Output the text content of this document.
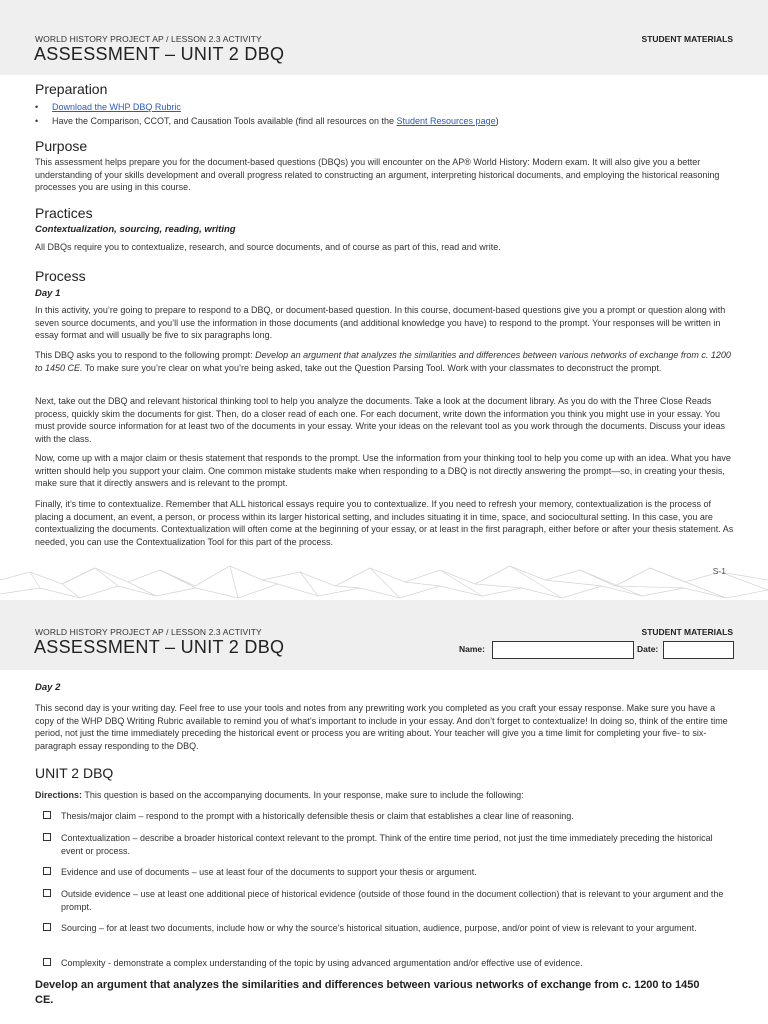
WORLD HISTORY PROJECT AP / LESSON 2.3 ACTIVITY	STUDENT MATERIALS
ASSESSMENT – UNIT 2 DBQ
Preparation
• Download the WHP DBQ Rubric
• Have the Comparison, CCOT, and Causation Tools available (find all resources on the Student Resources page)
Purpose

This assessment helps prepare you for the document-based questions (DBQs) you will encounter on the AP® World History: Modern exam. It will also give you a better understanding of your skills development and overall progress related to constructing an argument, interpreting historical documents, and employing the historical reasoning processes you are using in this course.

Practices
Contextualization, sourcing, reading, writing

All DBQs require you to contextualize, research, and source documents, and of course as part of this, read and write.

Process
Day 1

In this activity, you’re going to prepare to respond to a DBQ, or document-based question. In this course, document-based questions give you a prompt or question along with seven source documents, and you’ll use the information in those documents (and additional knowledge you have) to respond to the prompt. Your responses will be written in essay format and will usually be five to six paragraphs long.

This DBQ asks you to respond to the following prompt: Develop an argument that analyzes the similarities and differences between various networks of exchange from c. 1200 to 1450 CE. To make sure you’re clear on what you’re being asked, take out the Question Parsing Tool. Work with your classmates to deconstruct the prompt.

Next, take out the DBQ and relevant historical thinking tool to help you analyze the documents. Take a look at the document library. As you do with the Three Close Reads process, quickly skim the documents for gist. Then, do a closer read of each one. For each document, write down the information you think you might use in your essay. You must provide source information for at least two of the documents in your essay. Write your ideas on the relevant tool as you work through the documents. Discuss your ideas with the class.

Now, come up with a major claim or thesis statement that responds to the prompt. Use the information from your thinking tool to help you come up with an idea. What you have written should help you support your claim. One common mistake students make when responding to a DBQ is not directly answering the prompt—so, in creating your thesis, make sure that it directly answers and is relevant to the prompt.

Finally, it’s time to contextualize. Remember that ALL historical essays require you to contextualize. If you need to refresh your memory, contextualization is the process of placing a document, an event, a person, or process within its larger historical setting, and includes situating it in time, space, and sociocultural setting. In this case, you are contextualizing the documents. Contextualization will often come at the beginning of your essay, or at least in the first paragraph, either before or after your thesis statement. As needed, you can use the Contextualization Tool for this part of the process.

S-1
WORLD HISTORY PROJECT AP / LESSON 2.3 ACTIVITY	STUDENT MATERIALS
ASSESSMENT – UNIT 2 DBQ	Name:	Date:
Day 2

This second day is your writing day. Feel free to use your tools and notes from any prewriting work you completed as you craft your essay response. Make sure you have a copy of the WHP DBQ Writing Rubric available to remind you of what’s important to include in your essay. And don’t forget to contextualize! In doing so, think of the entire time period, not just the time immediately preceding the historical event or process you are writing about. Your teacher will give you a time limit for completing your five- to six-paragraph essay responding to the DBQ.

UNIT 2 DBQ

Directions: This question is based on the accompanying documents. In your response, make sure to include the following:

Thesis/major claim – respond to the prompt with a historically defensible thesis or claim that establishes a clear line of reasoning.

Contextualization – describe a broader historical context relevant to the prompt. Think of the entire time period, not just the time immediately preceding the historical event or process.

Evidence and use of documents – use at least four of the documents to support your thesis or argument.

Outside evidence – use at least one additional piece of historical evidence (outside of those found in the document collection) that is relevant to your argument and the prompt.

Sourcing – for at least two documents, include how or why the source’s historical situation, audience, purpose, and/or point of view is relevant to your argument.

Complexity - demonstrate a complex understanding of the topic by using advanced argumentation and/or effective use of evidence.

Develop an argument that analyzes the similarities and differences between various networks of exchange from c. 1200 to 1450 CE.
